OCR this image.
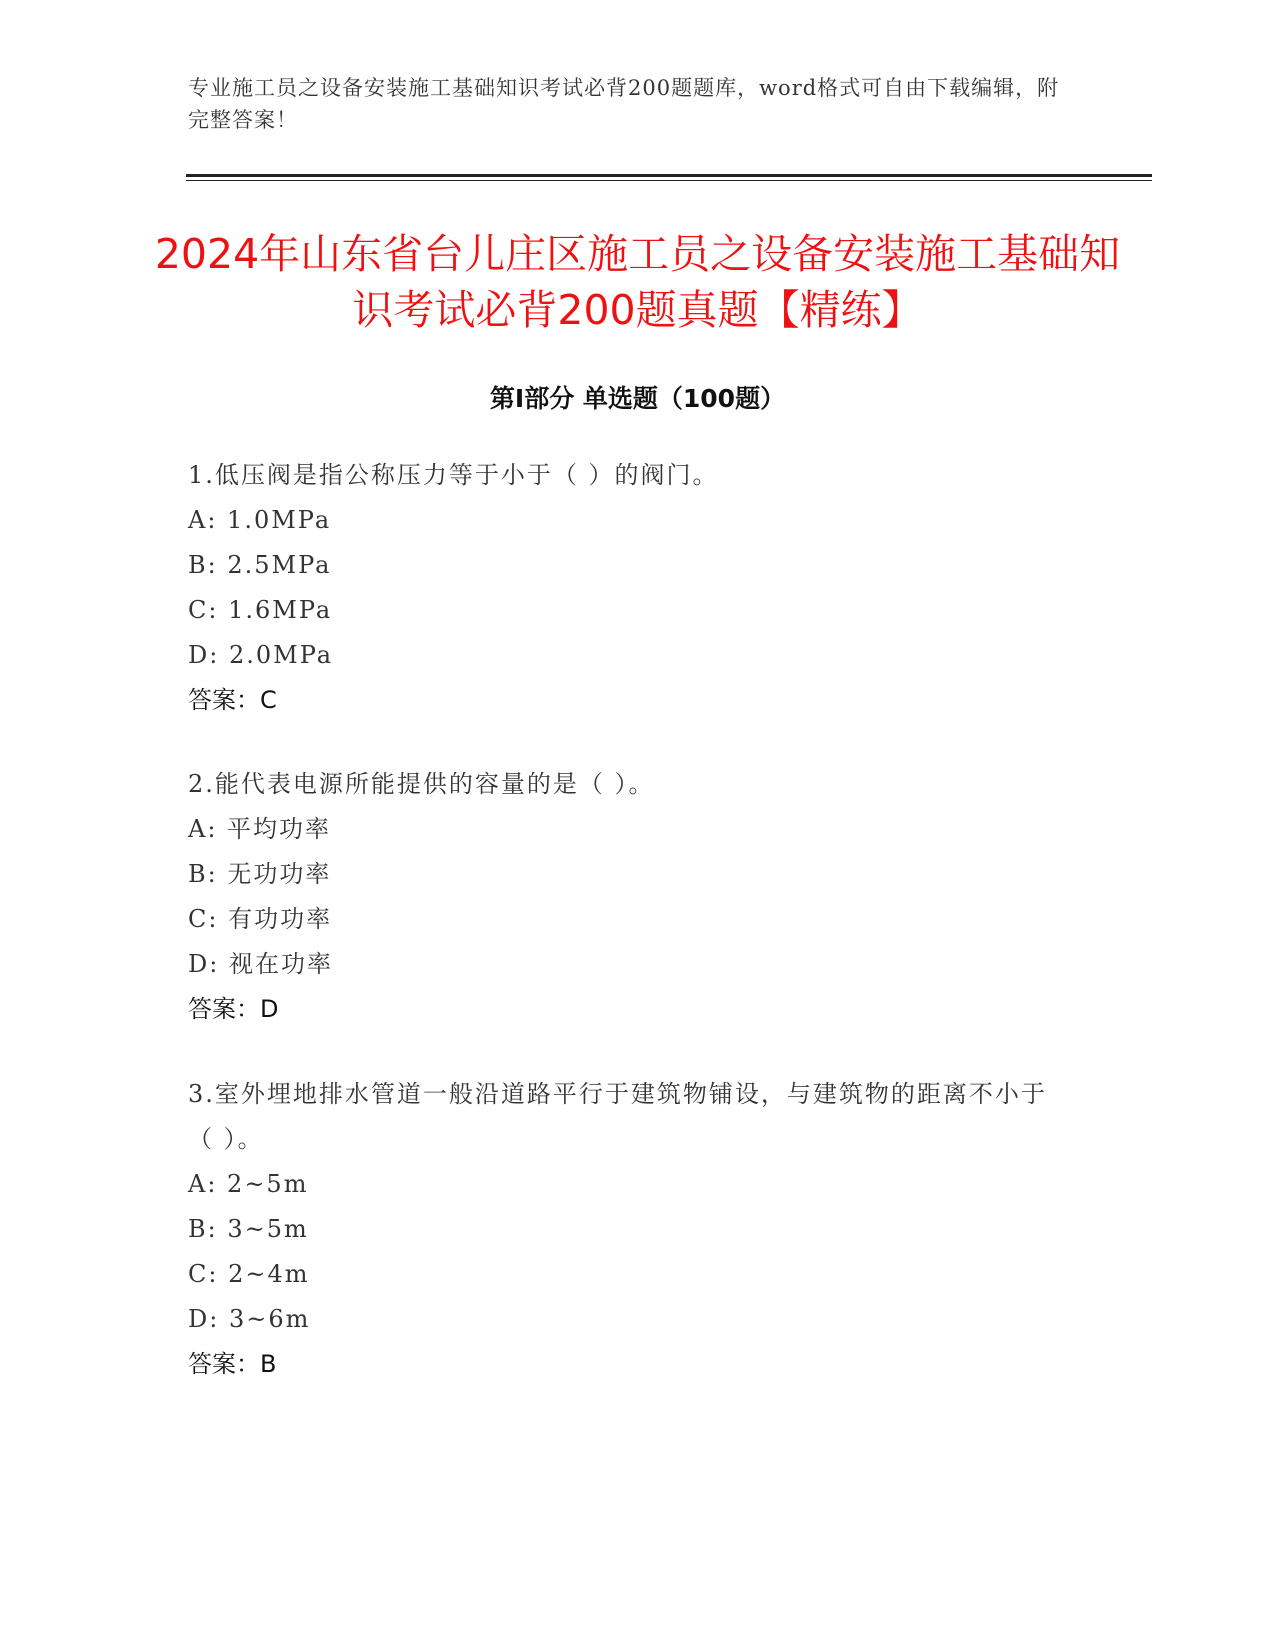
专业施工员之设备安装施工基础知识考试必背200题题库，word格式可自由下载编辑，附完整答案！
2024年山东省台儿庄区施工员之设备安装施工基础知识考试必背200题真题【精练】
第Ⅰ部分 单选题（100题）
1.低压阀是指公称压力等于小于（ ）的阀门。
A: 1.0MPa
B: 2.5MPa
C: 1.6MPa
D: 2.0MPa
答案：C
2.能代表电源所能提供的容量的是（ ）。
A: 平均功率
B: 无功功率
C: 有功功率
D: 视在功率
答案：D
3.室外埋地排水管道一般沿道路平行于建筑物铺设，与建筑物的距离不小于（ ）。
A: 2~5m
B: 3~5m
C: 2~4m
D: 3~6m
答案：B
